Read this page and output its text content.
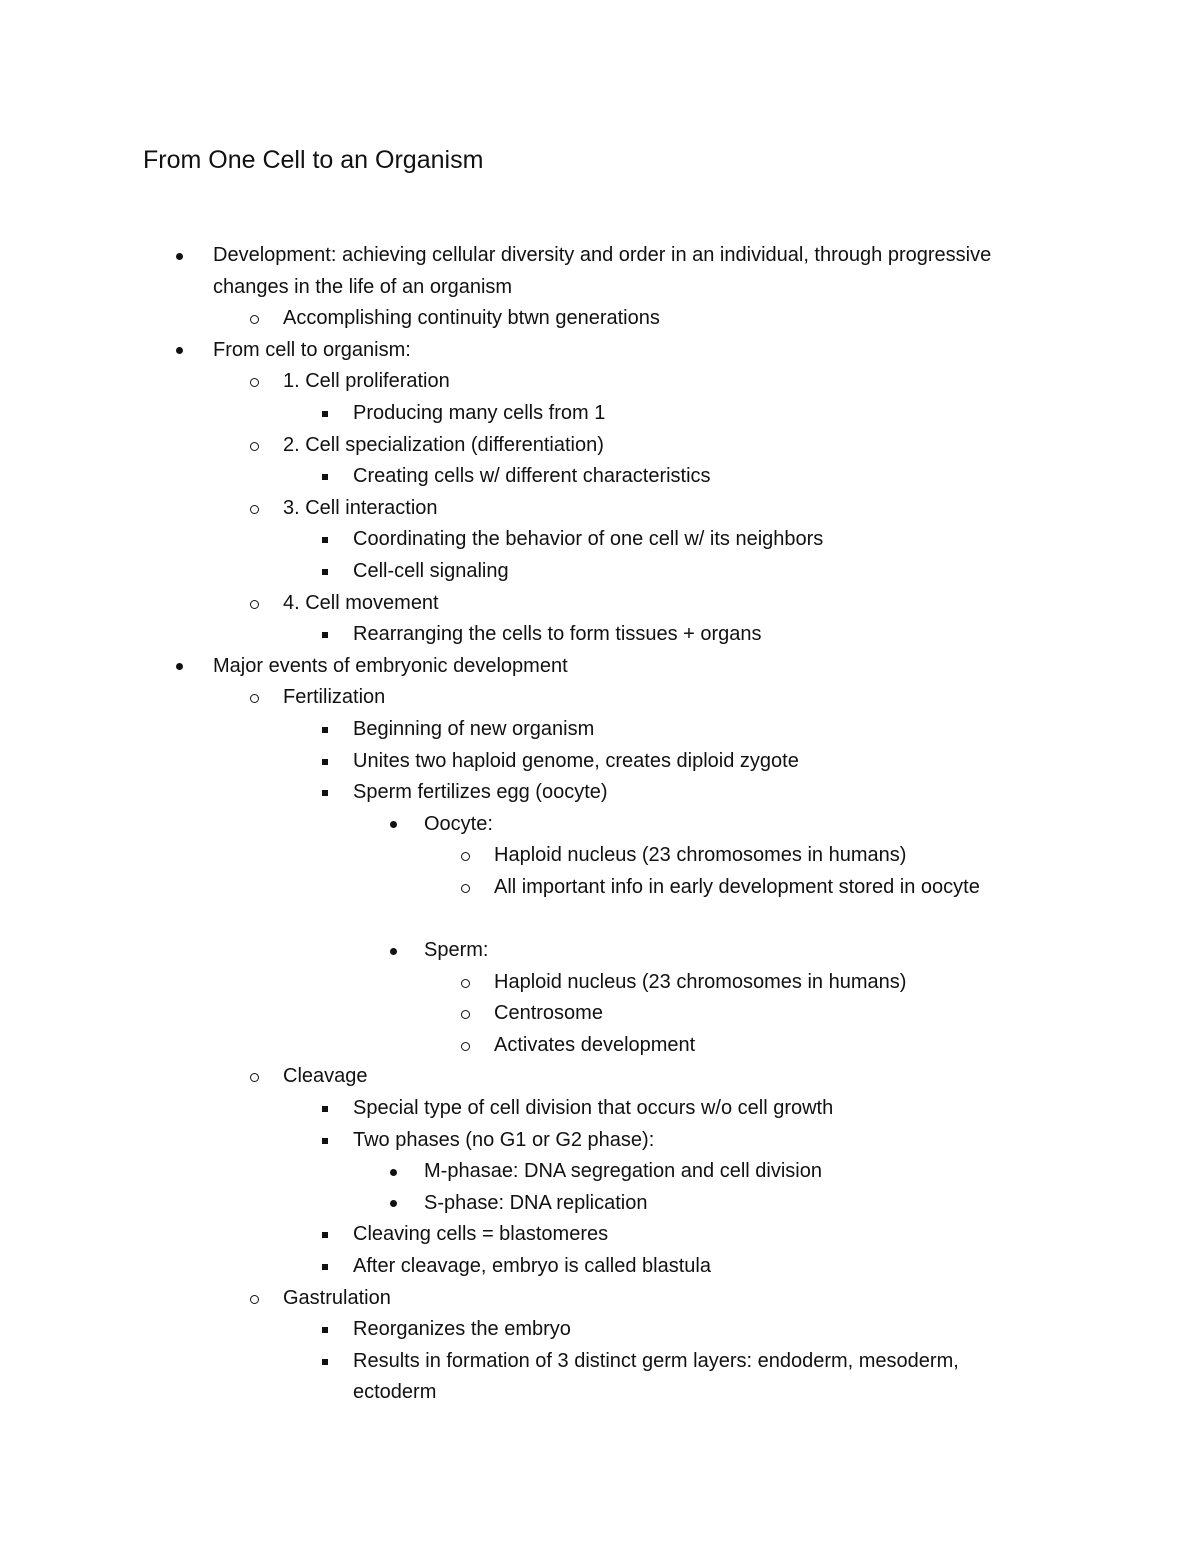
From One Cell to an Organism
Development: achieving cellular diversity and order in an individual, through progressive changes in the life of an organism
Accomplishing continuity btwn generations
From cell to organism:
1. Cell proliferation
Producing many cells from 1
2. Cell specialization (differentiation)
Creating cells w/ different characteristics
3. Cell interaction
Coordinating the behavior of one cell w/ its neighbors
Cell-cell signaling
4. Cell movement
Rearranging the cells to form tissues + organs
Major events of embryonic development
Fertilization
Beginning of new organism
Unites two haploid genome, creates diploid zygote
Sperm fertilizes egg (oocyte)
Oocyte:
Haploid nucleus (23 chromosomes in humans)
All important info in early development stored in oocyte
Sperm:
Haploid nucleus (23 chromosomes in humans)
Centrosome
Activates development
Cleavage
Special type of cell division that occurs w/o cell growth
Two phases (no G1 or G2 phase):
M-phasae: DNA segregation and cell division
S-phase: DNA replication
Cleaving cells = blastomeres
After cleavage, embryo is called blastula
Gastrulation
Reorganizes the embryo
Results in formation of 3 distinct germ layers: endoderm, mesoderm, ectoderm
